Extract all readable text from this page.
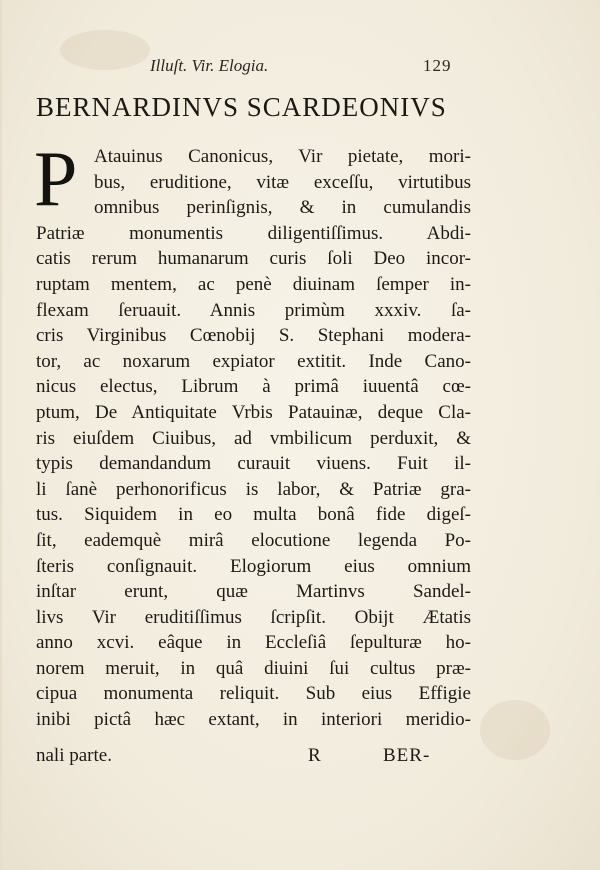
Illuſt. Vir. Elogia.	129
BERNARDINVS SCARDEONIVS
P Atauinus Canonicus, Vir pietate, mori-
bus, eruditione, vitæ exceſſu, virtutibus
omnibus perinſignis, & in cumulandis
Patriæ monumentis diligentiſſimus. Abdi-
catis rerum humanarum curis ſoli Deo incor-
ruptam mentem, ac penè diuinam ſemper in-
flexam ſeruauit. Annis primùm xxxiv. ſa-
cris Virginibus Cœnobij S. Stephani modera-
tor, ac noxarum expiator extitit. Inde Cano-
nicus electus, Librum à primâ iuuentâ cœ-
ptum, De Antiquitate Vrbis Patauinæ, deque Cla-
ris eiuſdem Ciuibus, ad vmbilicum perduxit, &
typis demandandum curauit viuens. Fuit il-
li ſanè perhonorificus is labor, & Patriæ gra-
tus. Siquidem in eo multa bonâ fide digeſ-
ſit, eademquè mirâ elocutione legenda Po-
ſteris conſignauit. Elogiorum eius omnium
inſtar erunt, quæ Martinvs Sandel-
livs Vir eruditiſſimus ſcripſit. Obijt Ætatis
anno xcvi. eâque in Eccleſiâ ſepulturæ ho-
norem meruit, in quâ diuini ſui cultus præ-
cipua monumenta reliquit. Sub eius Effigie
inibi pictâ hæc extant, in interiori meridio-
nali parte.	R	BER-
